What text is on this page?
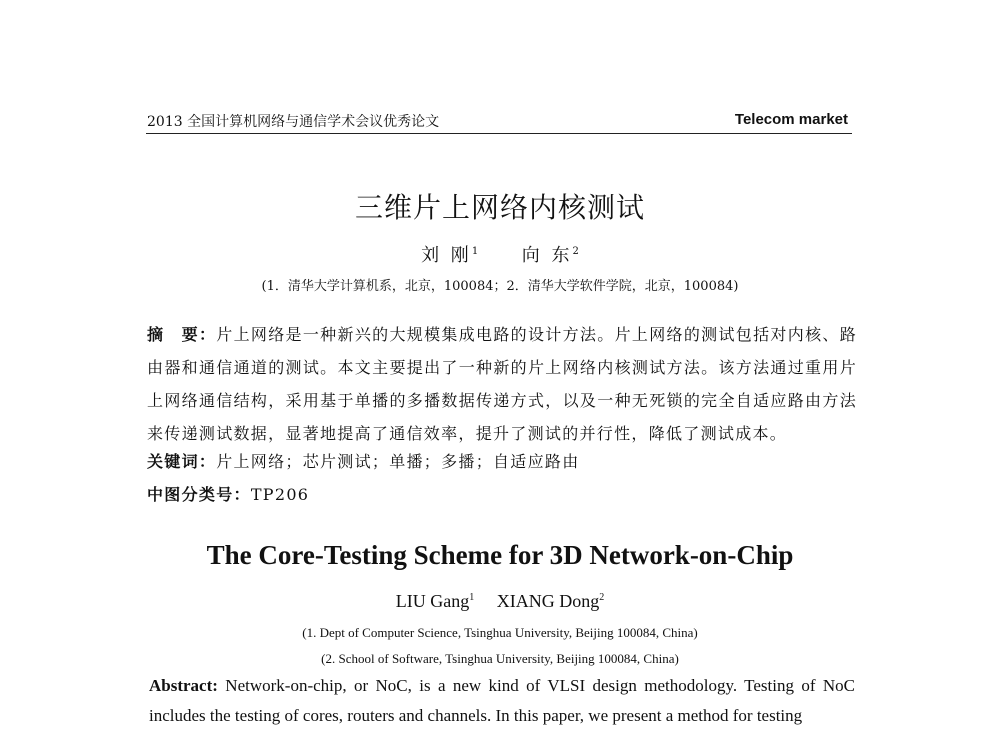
2013 全国计算机网络与通信学术会议优秀论文	Telecom market
三维片上网络内核测试
刘 刚$^1$ 向 东$^2$
(1．清华大学计算机系，北京，100084；2．清华大学软件学院，北京，100084)
摘　要：片上网络是一种新兴的大规模集成电路的设计方法。片上网络的测试包括对内核、路由器和通信通道的测试。本文主要提出了一种新的片上网络内核测试方法。该方法通过重用片上网络通信结构，采用基于单播的多播数据传递方式，以及一种无死锁的完全自适应路由方法来传递测试数据，显著地提高了通信效率，提升了测试的并行性，降低了测试成本。
关键词：片上网络；芯片测试；单播；多播；自适应路由
中图分类号：TP206
The Core-Testing Scheme for 3D Network-on-Chip
LIU Gang$^1$ XIANG Dong$^2$
(1. Dept of Computer Science, Tsinghua University, Beijing 100084, China)
(2. School of Software, Tsinghua University, Beijing 100084, China)
Abstract: Network-on-chip, or NoC, is a new kind of VLSI design methodology. Testing of NoC includes the testing of cores, routers and channels. In this paper, we present a method for testing
